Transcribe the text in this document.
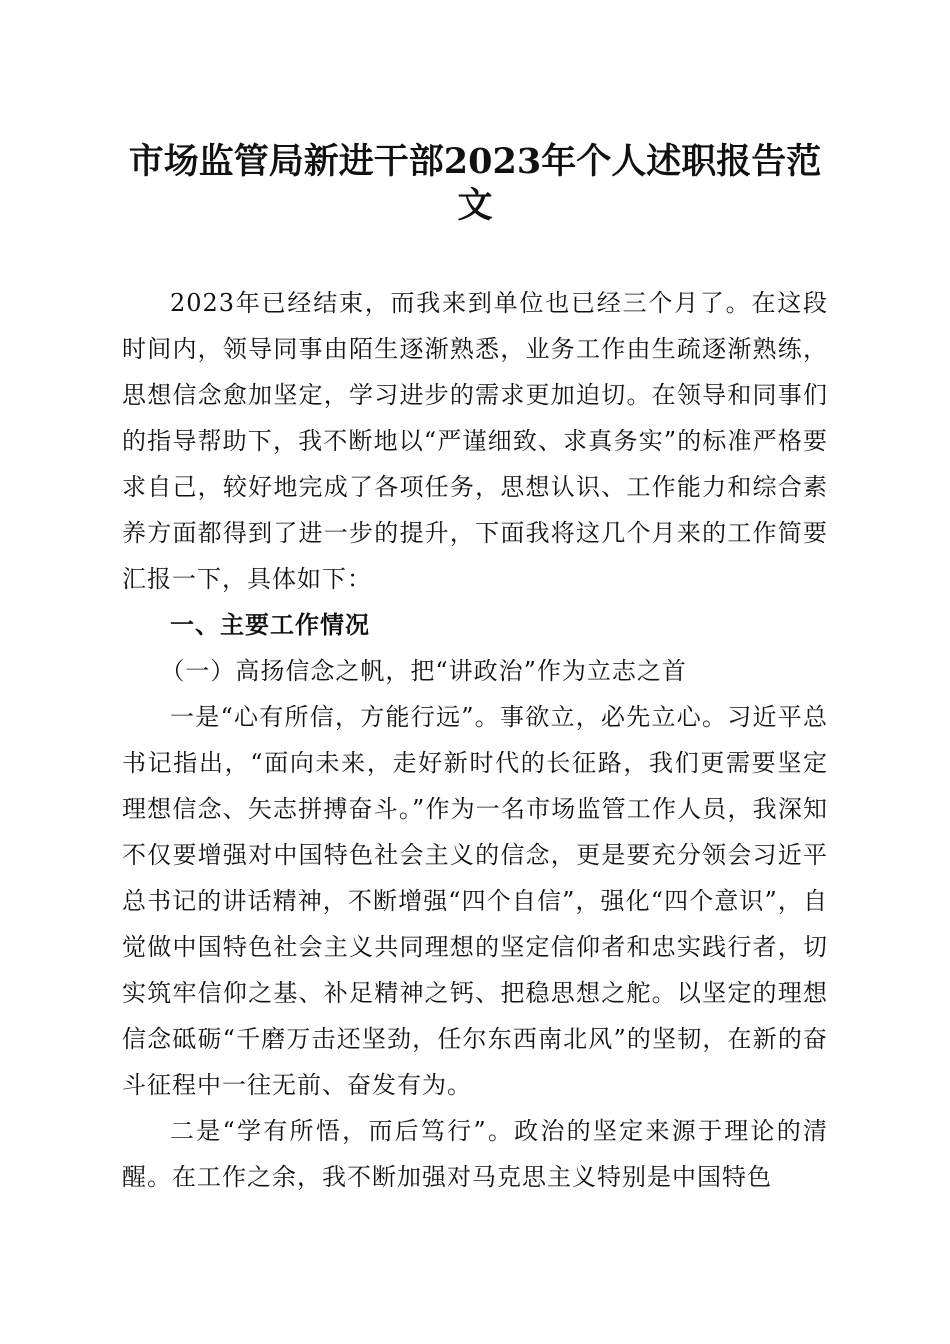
市场监管局新进干部2023年个人述职报告范文

2023年已经结束，而我来到单位也已经三个月了。在这段时间内，领导同事由陌生逐渐熟悉，业务工作由生疏逐渐熟练，思想信念愈加坚定，学习进步的需求更加迫切。在领导和同事们的指导帮助下，我不断地以“严谨细致、求真务实”的标准严格要求自己，较好地完成了各项任务，思想认识、工作能力和综合素养方面都得到了进一步的提升，下面我将这几个月来的工作简要汇报一下，具体如下：

一、主要工作情况

（一）高扬信念之帆，把“讲政治”作为立志之首

一是“心有所信，方能行远”。事欲立，必先立心。习近平总书记指出，“面向未来，走好新时代的长征路，我们更需要坚定理想信念、矢志拼搏奋斗。”作为一名市场监管工作人员，我深知不仅要增强对中国特色社会主义的信念，更是要充分领会习近平总书记的讲话精神，不断增强“四个自信”，强化“四个意识”，自觉做中国特色社会主义共同理想的坚定信仰者和忠实践行者，切实筑牢信仰之基、补足精神之钙、把稳思想之舵。以坚定的理想信念砥砺“千磨万击还坚劲，任尔东西南北风”的坚韧，在新的奋斗征程中一往无前、奋发有为。

二是“学有所悟，而后笃行”。政治的坚定来源于理论的清醒。在工作之余，我不断加强对马克思主义特别是中国特色
